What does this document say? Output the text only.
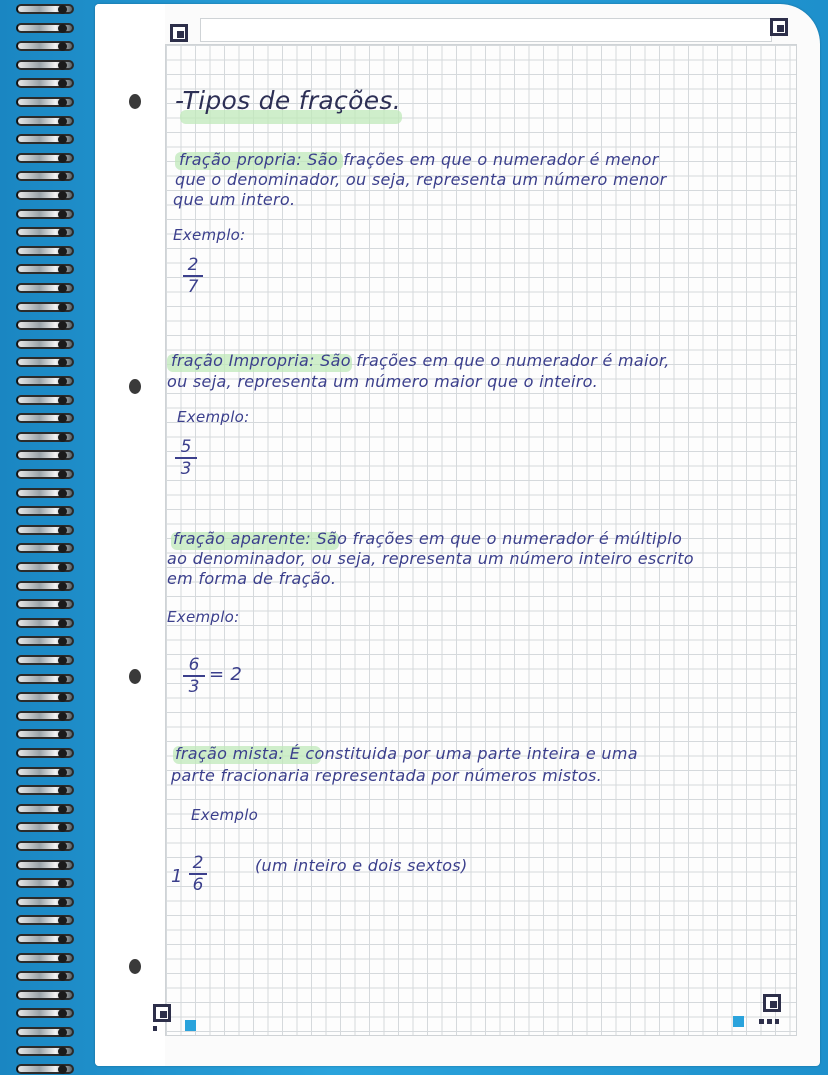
-Tipos de frações.
fração propria: São frações em que o numerador é menor
que o denominador, ou seja, representa um número menor
que um intero.
Exemplo:
2
7
fração Impropria: São frações em que o numerador é maior,
ou seja, representa um número maior que o inteiro.
Exemplo:
5
3
fração aparente: São frações em que o numerador é múltiplo
ao denominador, ou seja, representa um número inteiro escrito
em forma de fração.
Exemplo:
6
3
= 2
fração mista: É constituida por uma parte inteira e uma
parte fracionaria representada por números mistos.
Exemplo
1
2
6
(um inteiro e dois sextos)
